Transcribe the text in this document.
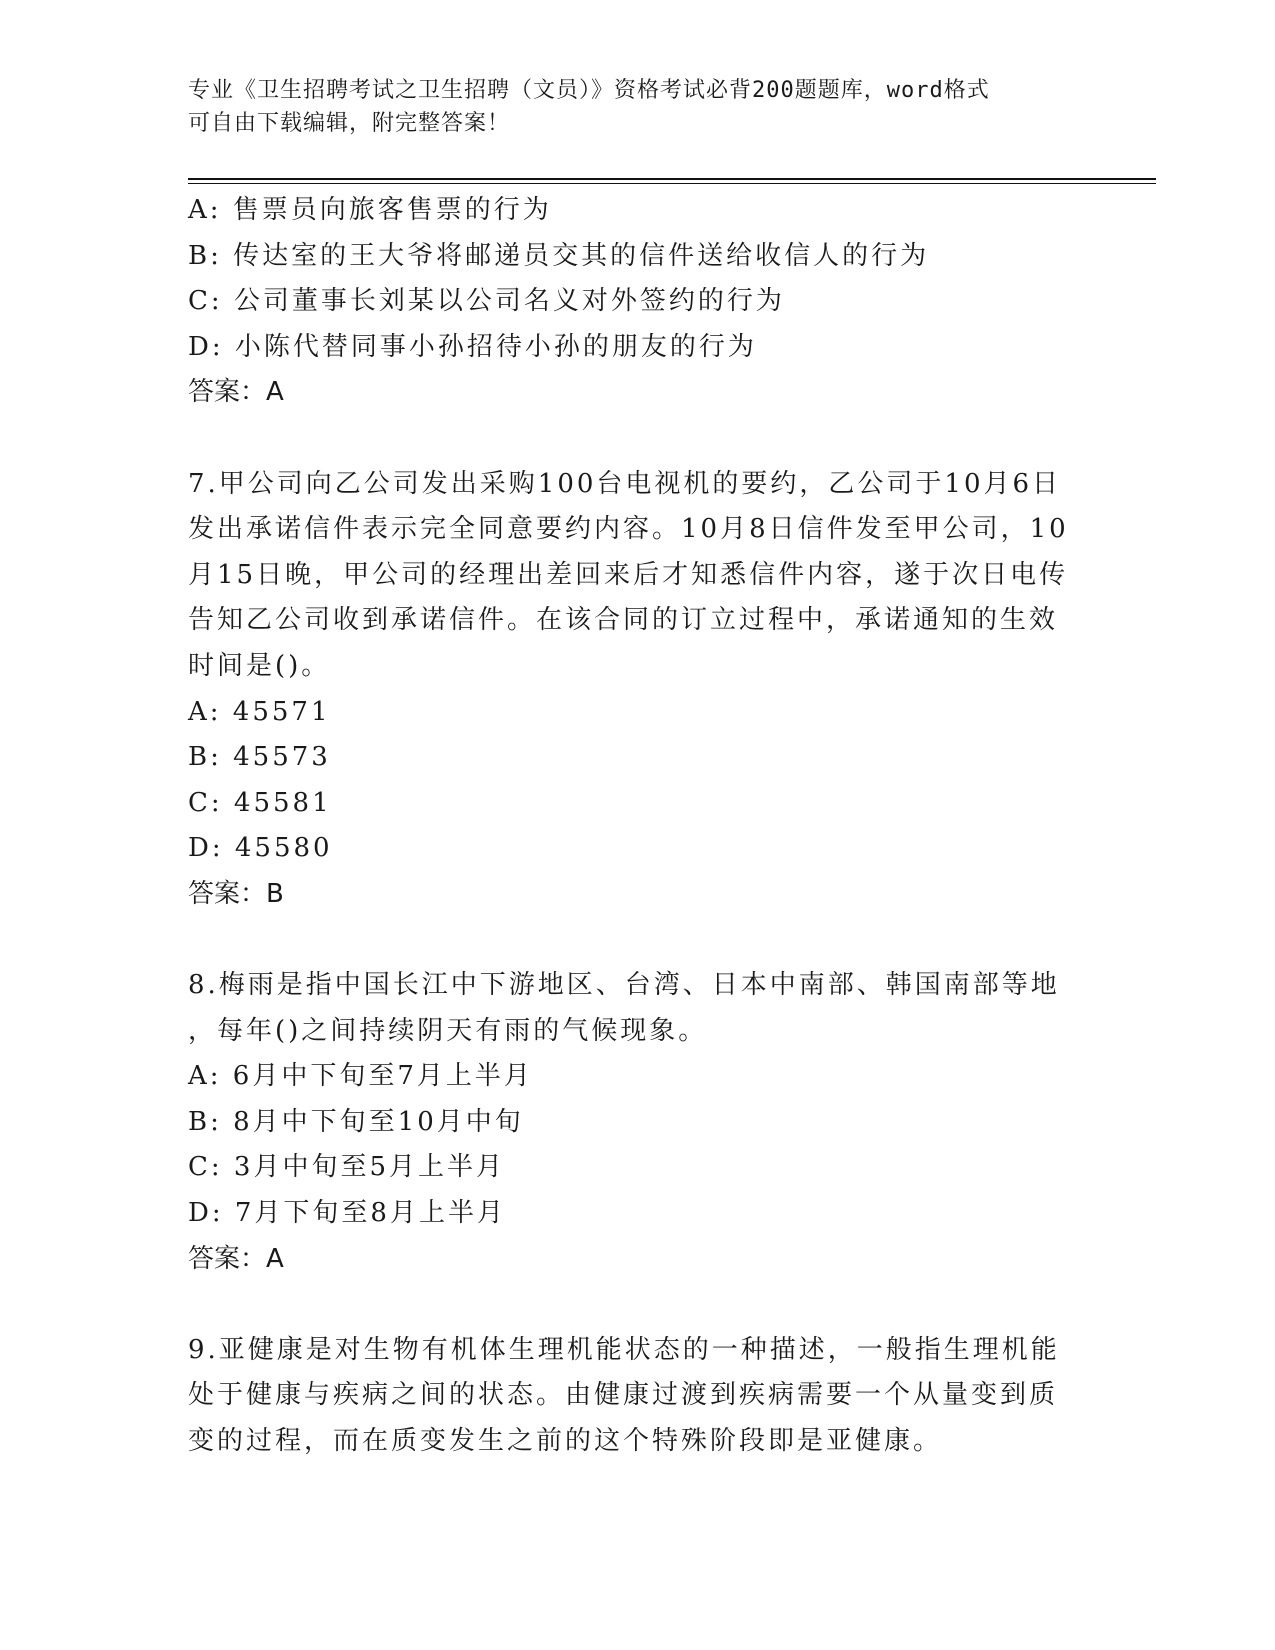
专业《卫生招聘考试之卫生招聘（文员）》资格考试必背200题题库，word格式
可自由下载编辑，附完整答案！
A: 售票员向旅客售票的行为
B: 传达室的王大爷将邮递员交其的信件送给收信人的行为
C: 公司董事长刘某以公司名义对外签约的行为
D: 小陈代替同事小孙招待小孙的朋友的行为
答案：A
7.甲公司向乙公司发出采购100台电视机的要约，乙公司于10月6日
发出承诺信件表示完全同意要约内容。10月8日信件发至甲公司，10
月15日晚，甲公司的经理出差回来后才知悉信件内容，遂于次日电传
告知乙公司收到承诺信件。在该合同的订立过程中，承诺通知的生效
时间是()。
A: 45571
B: 45573
C: 45581
D: 45580
答案：B
8.梅雨是指中国长江中下游地区、台湾、日本中南部、韩国南部等地
，每年()之间持续阴天有雨的气候现象。
A: 6月中下旬至7月上半月
B: 8月中下旬至10月中旬
C: 3月中旬至5月上半月
D: 7月下旬至8月上半月
答案：A
9.亚健康是对生物有机体生理机能状态的一种描述，一般指生理机能
处于健康与疾病之间的状态。由健康过渡到疾病需要一个从量变到质
变的过程，而在质变发生之前的这个特殊阶段即是亚健康。
